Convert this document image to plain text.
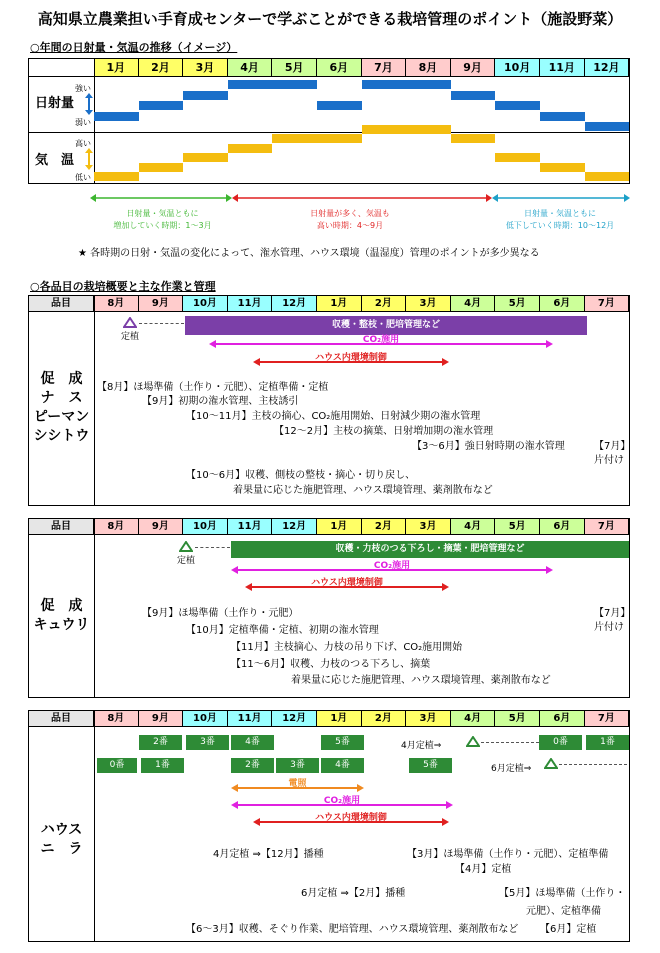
高知県立農業担い手育成センターで学ぶことができる栽培管理のポイント（施設野菜）
○年間の日射量・気温の推移（イメージ）
1月	2月	3月	4月	5月	6月	7月	8月	9月	10月	11月	12月
日射量
強い
弱い
気　温
高い
低い
日射量・気温ともに
増加していく時期：1～3月
日射量が多く、気温も
高い時期：4～9月
日射量・気温ともに
低下していく時期：10～12月
★ 各時期の日射・気温の変化によって、潅水管理、ハウス環境（温湿度）管理のポイントが多少異なる
○各品目の栽培概要と主な作業と管理
品目	8月	9月	10月	11月	12月	1月	2月	3月	4月	5月	6月	7月
促　成
ナ　ス
ピーマン
シシトウ
定植
収穫・整枝・肥培管理など
【8月】ほ場準備（土作り・元肥）、定植準備・定植
【9月】初期の潅水管理、主枝誘引
【10～11月】主枝の摘心、CO₂施用開始、日射減少期の潅水管理
【12～2月】主枝の摘葉、日射増加期の潅水管理
【3～6月】強日射時期の潅水管理	【7月】
片付け
【10～6月】収穫、側枝の整枝・摘心・切り戻し、
着果量に応じた施肥管理、ハウス環境管理、薬剤散布など
CO₂施用
ハウス内環境制御
品目	8月	9月	10月	11月	12月	1月	2月	3月	4月	5月	6月	7月
促　成
キュウリ
定植
収穫・力枝のつる下ろし・摘葉・肥培管理など
【9月】ほ場準備（土作り・元肥）	【7月】
片付け
【10月】定植準備・定植、初期の潅水管理
【11月】主枝摘心、力枝の吊り下げ、CO₂施用開始
【11～6月】収穫、力枝のつる下ろし、摘葉
着果量に応じた施肥管理、ハウス環境管理、薬剤散布など
CO₂施用
ハウス内環境制御
品目	8月	9月	10月	11月	12月	1月	2月	3月	4月	5月	6月	7月
ハウス
ニ　ラ
2番	3番	4番	5番	0番	1番
0番	1番	2番	3番	4番	5番
4月定植⇒
6月定植⇒
4月定植 ⇒【12月】播種	【3月】ほ場準備（土作り・元肥）、定植準備
【4月】定植
6月定植 ⇒【2月】播種	【5月】ほ場準備（土作り・
元肥）、定植準備
【6～3月】収穫、そぐり作業、肥培管理、ハウス環境管理、薬剤散布など 【6月】定植
電照
CO₂施用
ハウス内環境制御
